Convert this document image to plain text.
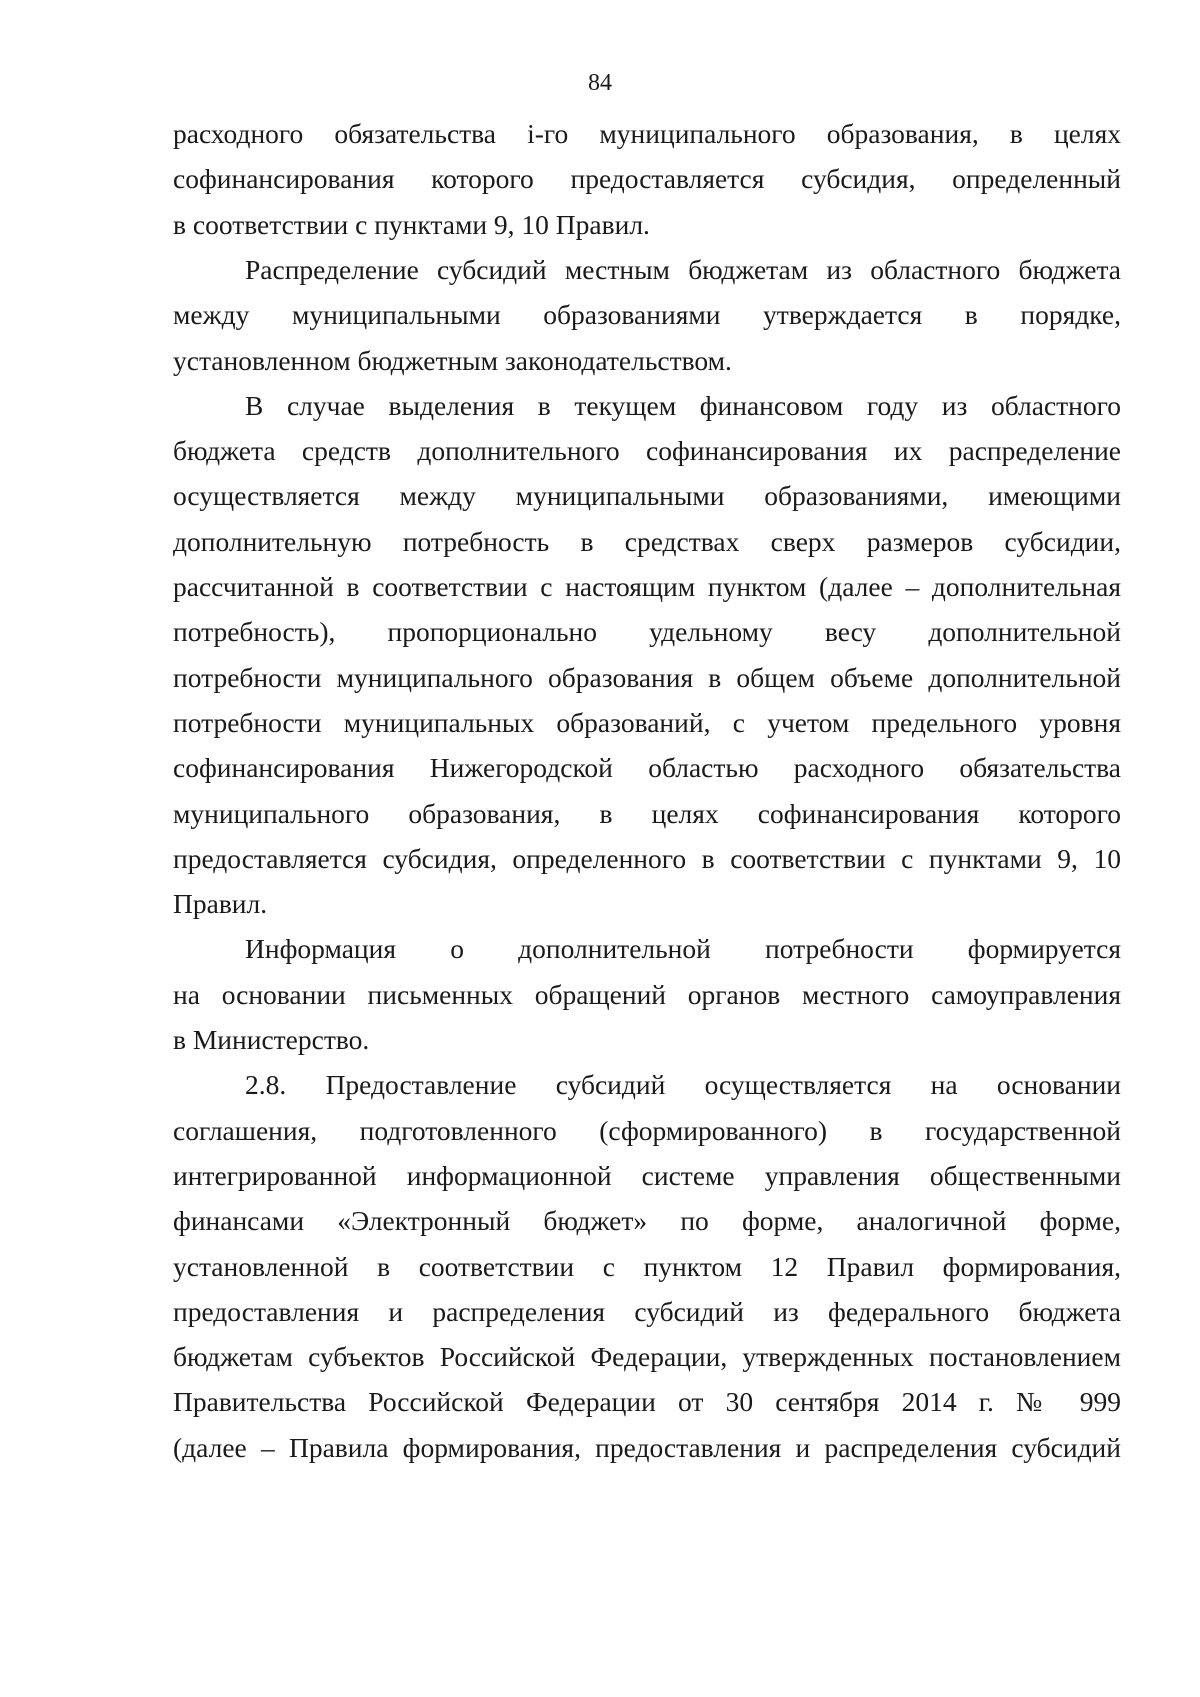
84
расходного обязательства i-го муниципального образования, в целях
софинансирования которого предоставляется субсидия, определенный
в соответствии с пунктами 9, 10 Правил.
Распределение субсидий местным бюджетам из областного бюджета
между муниципальными образованиями утверждается в порядке,
установленном бюджетным законодательством.
В случае выделения в текущем финансовом году из областного
бюджета средств дополнительного софинансирования их распределение
осуществляется между муниципальными образованиями, имеющими
дополнительную потребность в средствах сверх размеров субсидии,
рассчитанной в соответствии с настоящим пунктом (далее – дополнительная
потребность), пропорционально удельному весу дополнительной
потребности муниципального образования в общем объеме дополнительной
потребности муниципальных образований, с учетом предельного уровня
софинансирования Нижегородской областью расходного обязательства
муниципального образования, в целях софинансирования которого
предоставляется субсидия, определенного в соответствии с пунктами 9, 10
Правил.
Информация о дополнительной потребности формируется
на основании письменных обращений органов местного самоуправления
в Министерство.
2.8. Предоставление субсидий осуществляется на основании
соглашения, подготовленного (сформированного) в государственной
интегрированной информационной системе управления общественными
финансами «Электронный бюджет» по форме, аналогичной форме,
установленной в соответствии с пунктом 12 Правил формирования,
предоставления и распределения субсидий из федерального бюджета
бюджетам субъектов Российской Федерации, утвержденных постановлением
Правительства Российской Федерации от 30 сентября 2014 г. № 999
(далее – Правила формирования, предоставления и распределения субсидий
